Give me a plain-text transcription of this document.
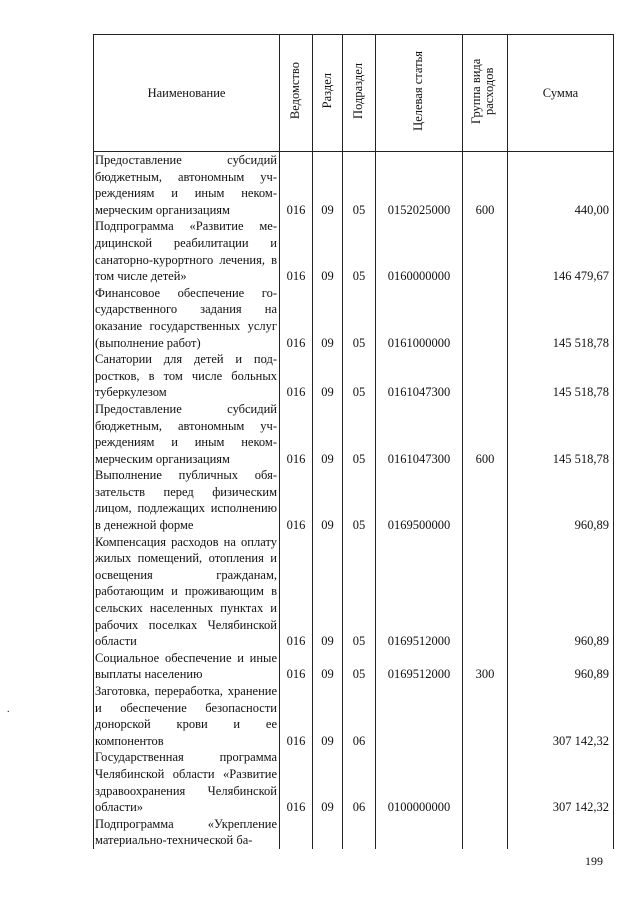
Наименование	Ведомство	Раздел	Подраздел	Целевая статья	Группа вида расходов	Сумма
Предоставление субсидий бюджетным, автономным учреждениям и иным некоммерческим организациям	016	09	05	0152025000	600	440,00
Подпрограмма «Развитие медицинской реабилитации и санаторно-курортного лечения, в том числе детей»	016	09	05	0160000000		146 479,67
Финансовое обеспечение государственного задания на оказание государственных услуг (выполнение работ)	016	09	05	0161000000		145 518,78
Санатории для детей и подростков, в том числе больных туберкулезом	016	09	05	0161047300		145 518,78
Предоставление субсидий бюджетным, автономным учреждениям и иным некоммерческим организациям	016	09	05	0161047300	600	145 518,78
Выполнение публичных обязательств перед физическим лицом, подлежащих исполнению в денежной форме	016	09	05	0169500000		960,89
Компенсация расходов на оплату жилых помещений, отопления и освещения гражданам, работающим и проживающим в сельских населенных пунктах и рабочих поселках Челябинской области	016	09	05	0169512000		960,89
Социальное обеспечение и иные выплаты населению	016	09	05	0169512000	300	960,89
Заготовка, переработка, хранение и обеспечение безопасности донорской крови и ее компонентов	016	09	06			307 142,32
Государственная программа Челябинской области «Развитие здравоохранения Челябинской области»	016	09	06	0100000000		307 142,32
Подпрограмма «Укрепление материально-технической ба-						
.
199
